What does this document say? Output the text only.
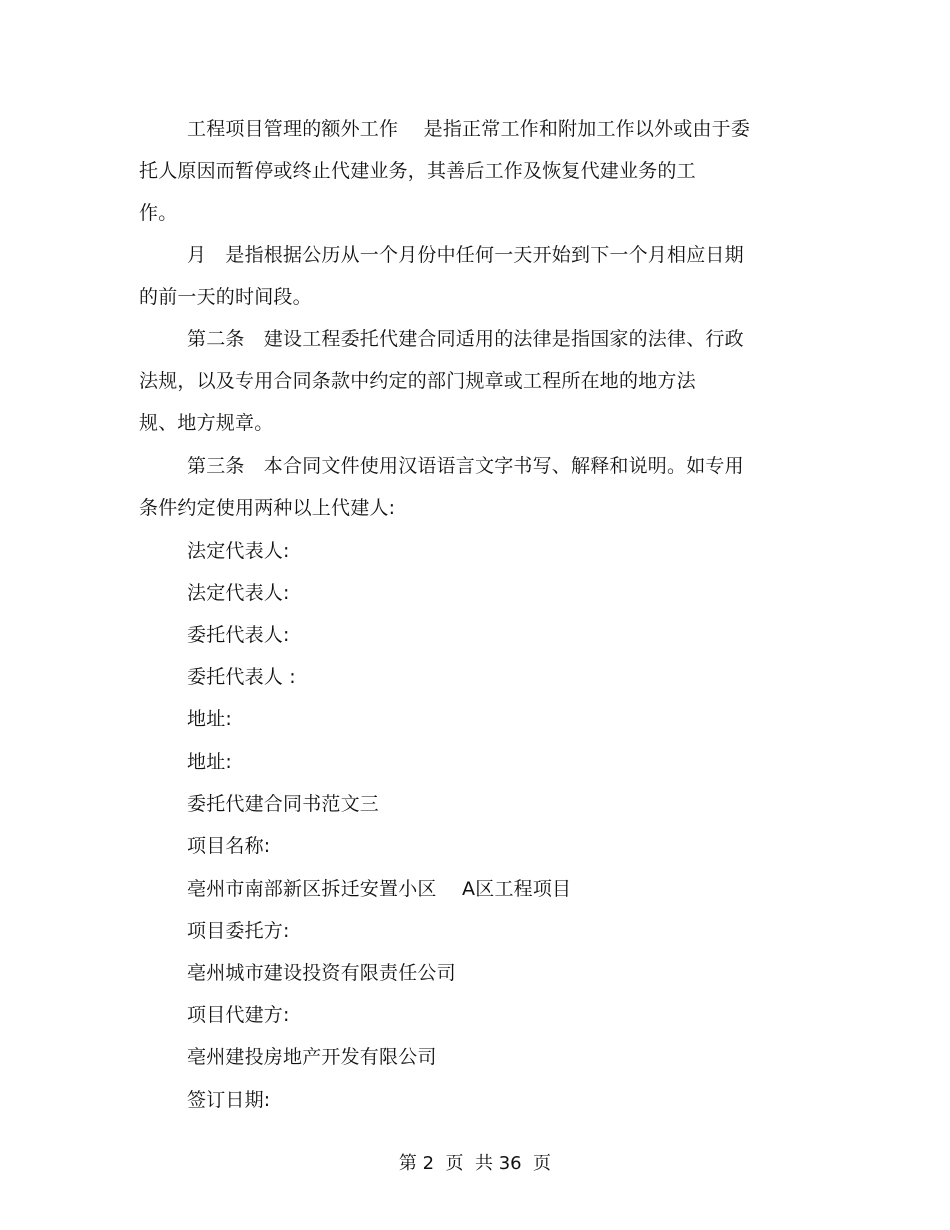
工程项目管理的额外工作　 是指正常工作和附加工作以外或由于委
托人原因而暂停或终止代建业务，其善后工作及恢复代建业务的工
作。
月　是指根据公历从一个月份中任何一天开始到下一个月相应日期
的前一天的时间段。
第二条　建设工程委托代建合同适用的法律是指国家的法律、行政
法规，以及专用合同条款中约定的部门规章或工程所在地的地方法
规、地方规章。
第三条　本合同文件使用汉语语言文字书写、解释和说明。如专用
条件约定使用两种以上代建人:
法定代表人:
法定代表人:
委托代表人:
委托代表人 :
地址:
地址:
委托代建合同书范文三
项目名称:
亳州市南部新区拆迁安置小区　 A区工程项目
项目委托方:
亳州城市建设投资有限责任公司
项目代建方:
亳州建投房地产开发有限公司
签订日期:
第 2  页  共 36  页
